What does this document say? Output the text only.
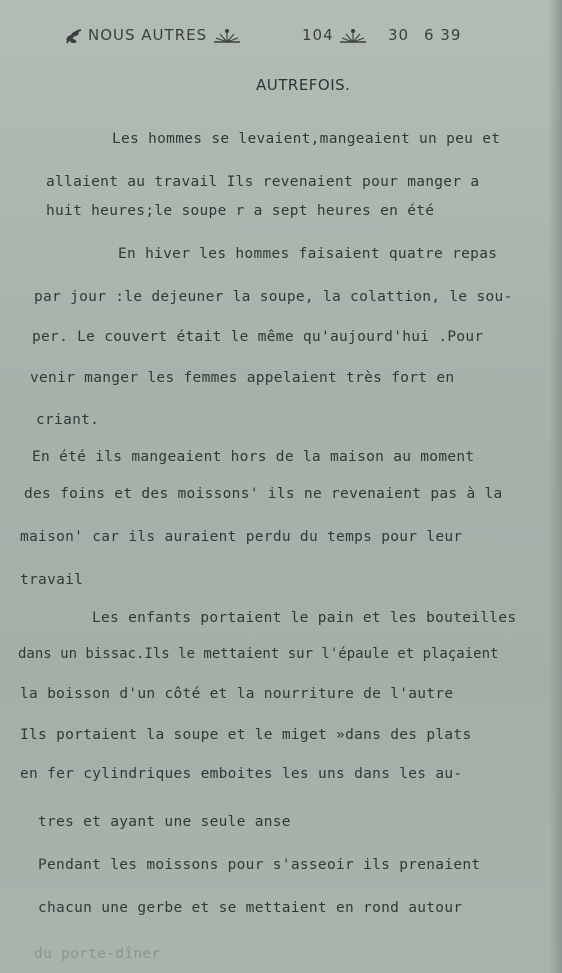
NOUS AUTRES	104	30 6 39
AUTREFOIS.
Les hommes se levaient,mangeaient un peu et
allaient au travail Ils revenaient pour manger a
huit heures;le soupe r a sept heures en été
En hiver les hommes faisaient quatre repas
par jour :le dejeuner la soupe, la colattion, le sou-
per. Le couvert était le même qu'aujourd'hui .Pour
venir manger les femmes appelaient très fort en
criant.
En été ils mangeaient hors de la maison au moment
des foins et des moissons' ils ne revenaient pas à la
maison' car ils auraient perdu du temps pour leur
travail
Les enfants portaient le pain et les bouteilles
dans un bissac.Ils le mettaient sur l'épaule et plaçaient
la boisson d'un côté et la nourriture de l'autre
Ils portaient la soupe et le miget »dans des plats
en fer cylindriques emboites les uns dans les au-
tres et ayant une seule anse
Pendant les moissons pour s'asseoir ils prenaient
chacun une gerbe et se mettaient en rond autour
du porte-dîner
